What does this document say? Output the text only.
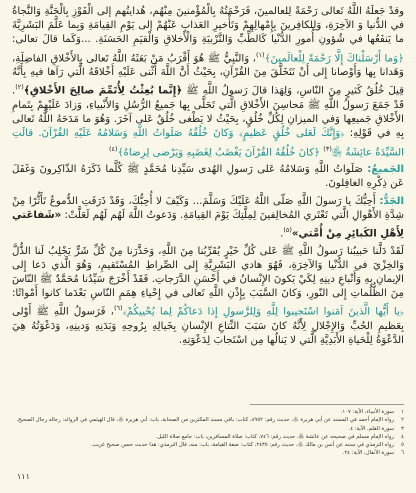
وقدْ جَعلَهُ اللَّهُ تَعالى رَحْمَةً لِلعالمينَ، فَرَحْمَتُهُ بِالْمُؤْمنينَ مِنْهُم، هُدايتُهم إلى الْفَوْزِ بِالْجَنَّةِ وَالنَّجاةُ في الدُّنيا وَ الآخِرَةِ، وَلِلكافِرينَ بِإِمْهالِهِمْ وَتَأْخيرِ العَذابِ عَنْهُمْ إلى يَوْمِ القِيامَةِ وَبِما عَلَّمَ البَشَرِيَّةَ ما يَنفَعُها في شُؤونِ أُمورِ الدُّنْيا كَالطِّبِّ وَالتَّرْبيَةِ وَالْأَخلاقِ وَالْقيَمِ الحَسَنَةِ. ...وَكَما قالَ تعالى: ﴿وَما أَرْسَلْناكَ إِلَّا رَحْمَةً لِلْعالَمينَ﴾$^{(١)}$، وَالنَّبِيُّ ﷺ هُوَ أَقْرَبُ مَنْ بَعَثَهُ اللَّهُ تَعالى بِالأَخْلاقِ الفاضِلَةِ، وَهَدانا بِها وَأَوْصانا إِلى أَنْ نَتَخَلَّقَ مِنَ القُرْآنِ، بِحَيْثُ أَنَّ اللَّهَ أَثْنى عَلَيْهِ أَخْلاقَهُ الَّتي رَآها فيهِ بِأَنَّهُ قِيلَ خُلُقُ كَثيرٍ مِنَ النّاسِ، وَلِهَذا قالَ رَسولُ اللَّهِ ﷺ ﴿إِنَّما بُعِثْتُ لِأُتَمِّمَ صالِحَ الأَخْلاقِ﴾$^{(٢)}$. قَدْ جَمَعَ رَسولُ اللَّهِ ﷺ مَحاسِنَ الأَخْلاقِ الَّتي تَحَلَّى بِها جَميعُ الرُّسُلِ وَالأَنْبياءِ، وَزادَ عَلَيْهِمْ بِتَمامِ الأَخْلاقِ جَميعِها وَفي الميزانِ لِكُلِّ خُلُقٍ، بِحَيْثُ لا يَطْغى خُلُقٌ عَلى آخَرَ. وَهُوَ ما مَدَحَهُ اللَّهُ تَعالى بِهِ في قَوْلِهِ: ﴿وَإِنَّكَ لَعَلى خُلُقٍ عَظيمٍ﴾ وَكانَ خُلُقُهُ صَلَواتُ اللَّهِ وَسَلامُهُ عَلَيْهِ القُرْآنَ. قالَتِ السَّيِّدَةُ عائِشَةُ ﵂$^{(٣)}$ ﴿كانَ خُلُقُهُ القُرْآنَ يَغْضَبُ لِغَضَبِهِ وَيَرْضى لِرِضاهُ﴾$^{(٤)}$

الجَميعُ: صَلَواتُ اللَّهِ وَسَلامُهُ عَلى رَسولِ الهُدى سَيِّدِنا مُحَمَّدٍ ﷺ كُلَّما ذَكَرَهُ الذّاكِرونَ وَغَفَلَ عَن ذِكْرِهِ الغافِلونَ.

الجَدُّ: أَحِبُّكَ يا رَسولَ اللَّهِ صَلّى اللَّهُ عَلَيْكَ وَسَلَّمَ... وَكَيْفَ لا أُحِبُّكَ، وَقَدْ ذَرَفَتِ الدُّموعُ تَأَثُّرًا مِنْ شِدَّةِ الأَهْوالِ الَّتي تَعْتَري المُخالِفينَ لِمِلَّتِكَ يَوْمَ القِيامَةِ. وَدَعوتُ اللَّهَ لَهُم لَهُم لَعَلَّتْ: «شَفاعَتي لِأَهْلِ الكَبائِرِ مِنْ أُمَّتي»$^{(٥)}$.

لَقَدْ دَلَّنا حَبيبُنا رَسولُ اللَّهِ ﷺ عَلى كُلِّ خَيْرٍ يُقَرِّبُنا مِنَ اللَّهِ، وَحَذَّرَنا مِنْ كُلِّ شَرٍّ يَجْلِبُ لَنا الذُّلَّ وَالخِزْيَ في الدُّنْيا وَالآخِرَةِ، فَهُوَ هادي البَشَرِيَّةِ إِلى الصِّراطِ المُسْتَقيمِ، وَهُوَ الَّذي دَعا إِلى الإيمانِ بِهِ وَأَتْباعِ دينِهِ لِكَيْ يَكونَ الإِنْسانُ في أَحْسَنِ الدَّرَجاتِ. فَقَدْ أَخْرَجَ سَيِّدُنا مُحَمَّدٌ ﷺ النّاسَ مِنَ الظُّلُماتِ إِلى النّورِ، وَكانَ السَّبَبَ بِإِذْنِ اللَّهِ تَعالى في إِحْياءِ هِمَمِ النّاسِ بَعْدَما كانوا أَمْواتًا: ﴿يا أَيُّها الَّذينَ آمَنوا اسْتَجيبوا لِلَّهِ وَلِلرَّسولِ إِذا دَعاكُمْ لِما يُحْييكُمْ﴾$^{(٦)}$، فَرَسولُ اللَّهِ ﷺ أَوْلى بِعَظيمِ الحُبِّ وَالإِجْلالِ لِأَنَّهُ كانَ سَبَبَ النِّتاعِ الإِنْسانِ بِخَيالِهِ بِرُوحِهِ وَبَدَنِهِ وَدينِهِ، وَدَعْوَتُهُ هِيَ الدَّعْوَةُ لِلْحَياةِ الأَبَدِيَّةِ الَّتي لا يَنالُها مِن اسْتَجابَ لِدَعْوَتِهِ.

١
سورة الأنبياء، الآية: ١٠٧.
٢
رواه الإمام أحمد في المسند عن أبي هريرة ﵁، حديث رقم: ٨٩٥٢، كتاب: باقي مسند المكثرين من الصحابة، باب: أبي هريرة ﵁، قال الهيثمي في الزوائد: رجاله رجال الصحيح.
٣
سورة القلم، الآية: ٤.
٤
رواه الإمام مسلم في صحيحه عن عائشة ﵂، حديث رقم: ٧٤٦، كتاب: صلاة المسافرين، باب: جامع صلاة الليل.
٥
رواه الترمذي في سننه عن أنس بن مالك ﵁، حديث رقم: ٢٤٣٥، كتاب: صفة القيامة، باب: منه، قال الترمذي: هذا حديث حسن صحيح غريب.
٦
سورة الأنفال، الآية: ٢٤.
١١١
